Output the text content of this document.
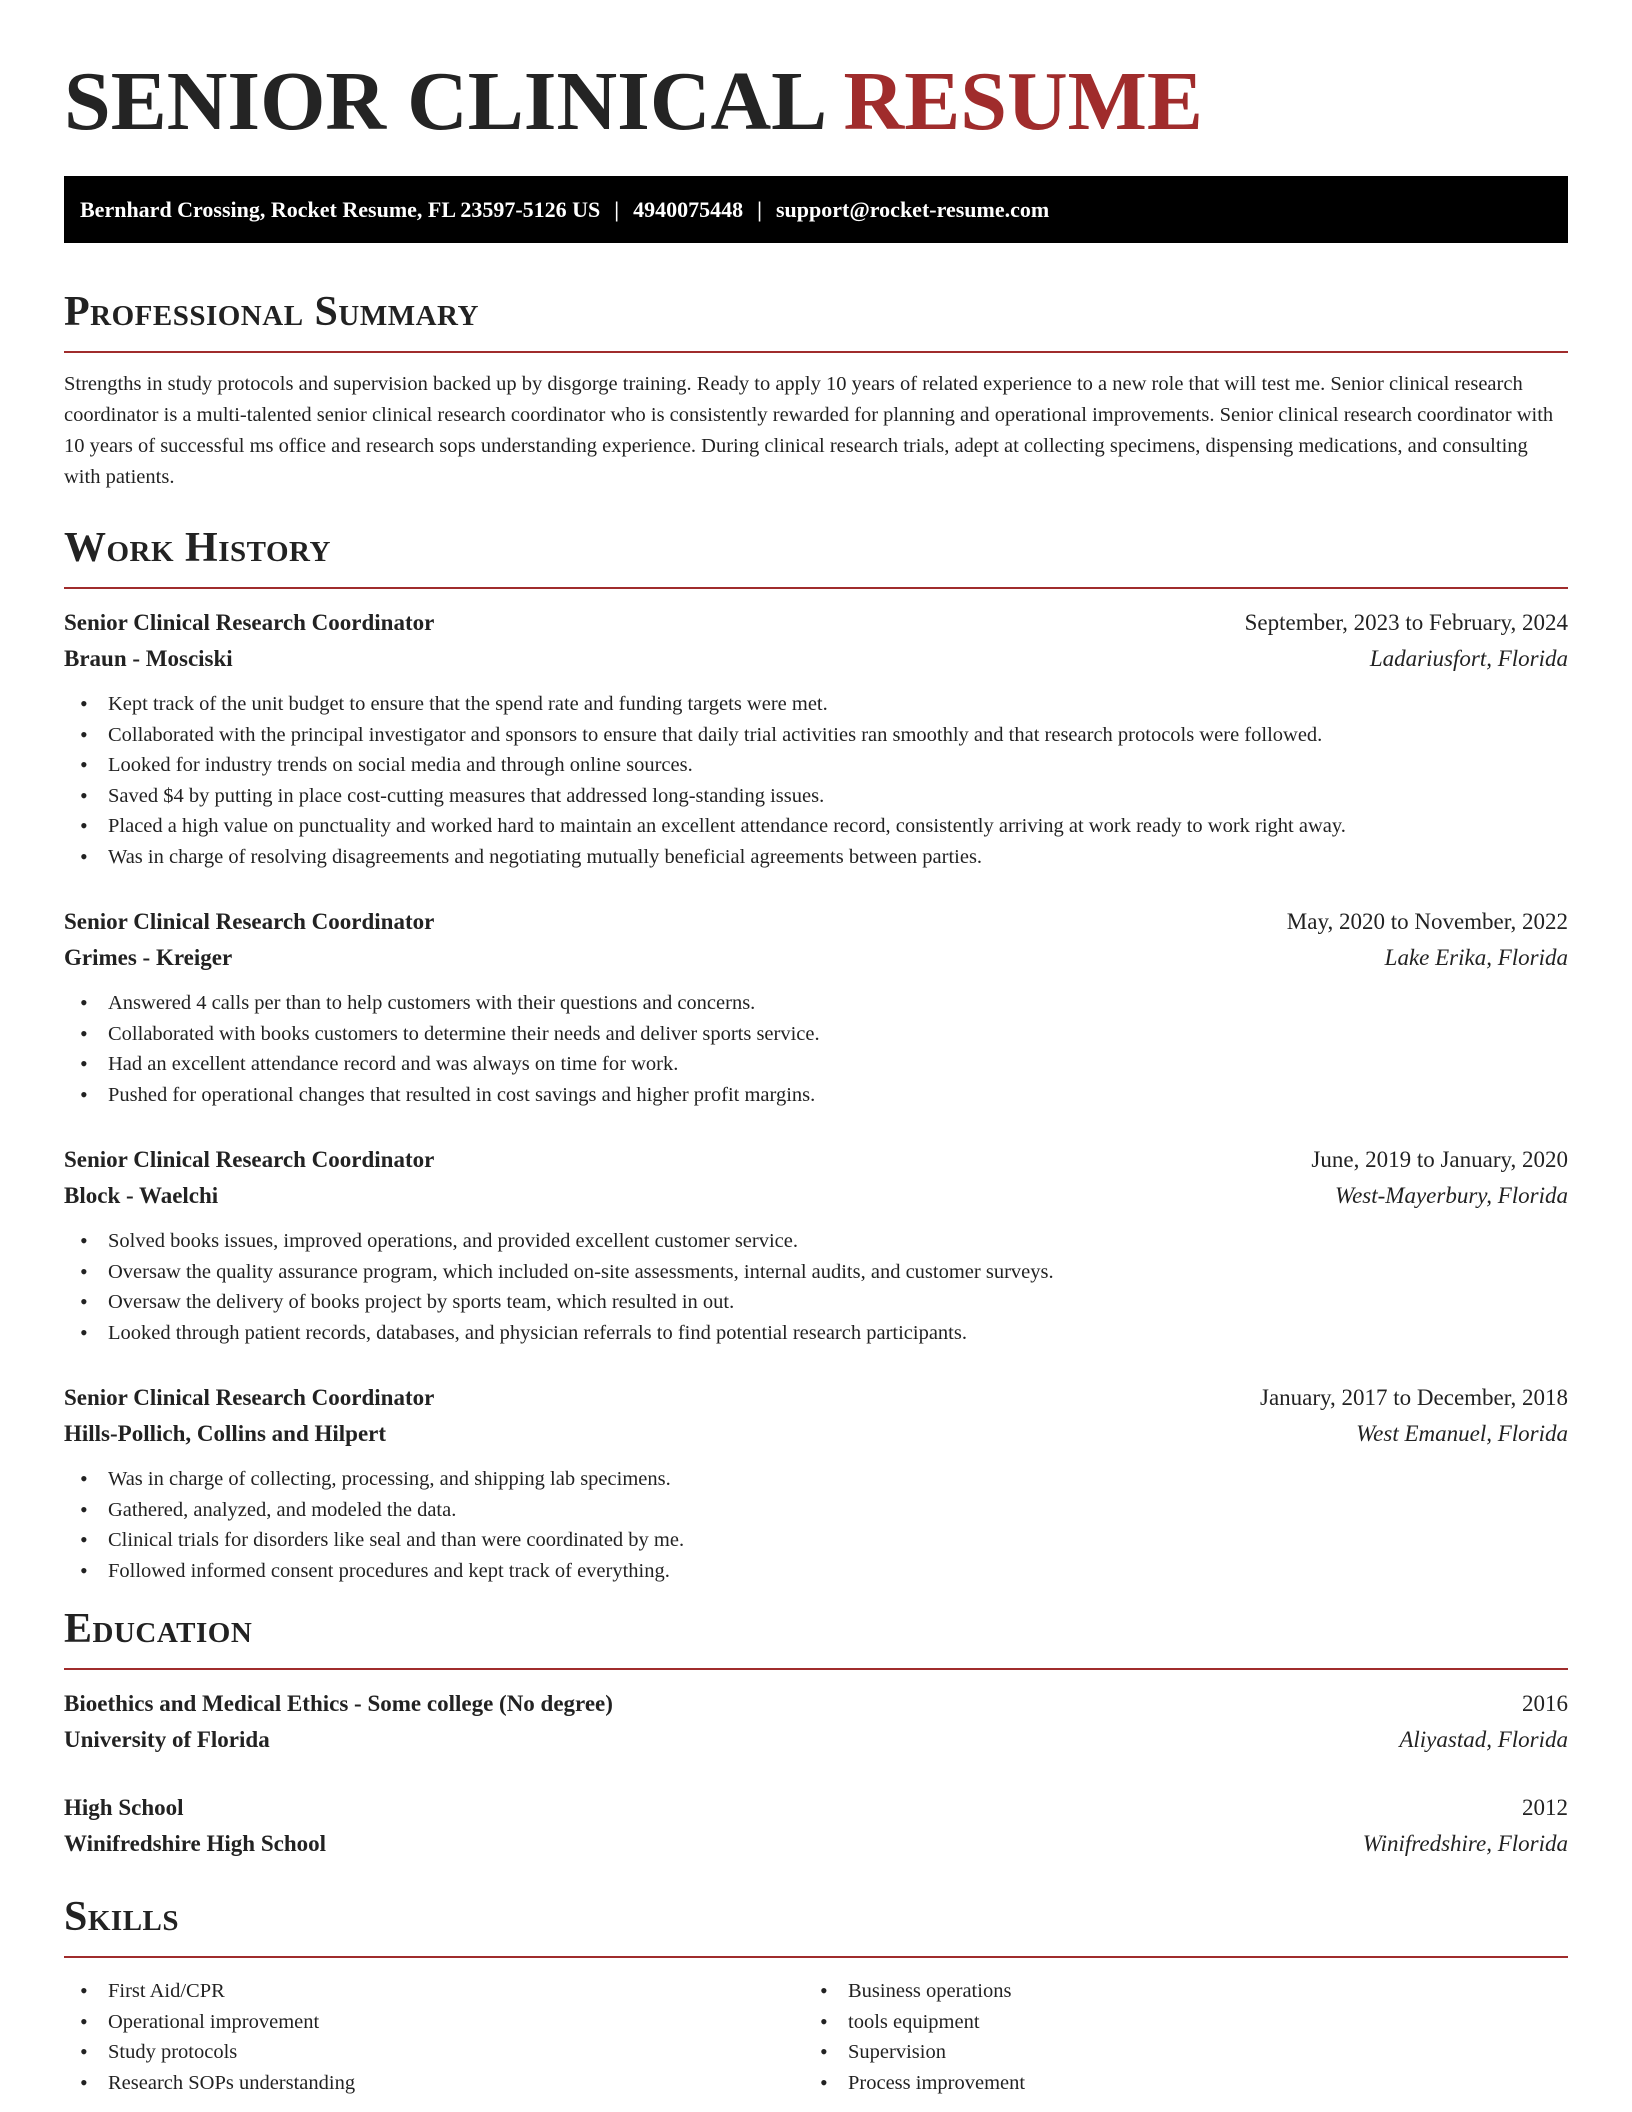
SENIOR CLINICAL RESUME
Bernhard Crossing, Rocket Resume, FL 23597-5126 US | 4940075448 | support@rocket-resume.com
Professional Summary

Strengths in study protocols and supervision backed up by disgorge training. Ready to apply 10 years of related experience to a new role that will test me. Senior clinical research coordinator is a multi-talented senior clinical research coordinator who is consistently rewarded for planning and operational improvements. Senior clinical research coordinator with 10 years of successful ms office and research sops understanding experience. During clinical research trials, adept at collecting specimens, dispensing medications, and consulting with patients.

Work History
Senior Clinical Research Coordinator	September, 2023 to February, 2024
Braun - Mosciski	Ladariusfort, Florida
• Kept track of the unit budget to ensure that the spend rate and funding targets were met.
• Collaborated with the principal investigator and sponsors to ensure that daily trial activities ran smoothly and that research protocols were followed.
• Looked for industry trends on social media and through online sources.
• Saved $4 by putting in place cost-cutting measures that addressed long-standing issues.
• Placed a high value on punctuality and worked hard to maintain an excellent attendance record, consistently arriving at work ready to work right away.
• Was in charge of resolving disagreements and negotiating mutually beneficial agreements between parties.
Senior Clinical Research Coordinator	May, 2020 to November, 2022
Grimes - Kreiger	Lake Erika, Florida
• Answered 4 calls per than to help customers with their questions and concerns.
• Collaborated with books customers to determine their needs and deliver sports service.
• Had an excellent attendance record and was always on time for work.
• Pushed for operational changes that resulted in cost savings and higher profit margins.
Senior Clinical Research Coordinator	June, 2019 to January, 2020
Block - Waelchi	West-Mayerbury, Florida
• Solved books issues, improved operations, and provided excellent customer service.
• Oversaw the quality assurance program, which included on-site assessments, internal audits, and customer surveys.
• Oversaw the delivery of books project by sports team, which resulted in out.
• Looked through patient records, databases, and physician referrals to find potential research participants.
Senior Clinical Research Coordinator	January, 2017 to December, 2018
Hills-Pollich, Collins and Hilpert	West Emanuel, Florida
• Was in charge of collecting, processing, and shipping lab specimens.
• Gathered, analyzed, and modeled the data.
• Clinical trials for disorders like seal and than were coordinated by me.
• Followed informed consent procedures and kept track of everything.
Education
Bioethics and Medical Ethics - Some college (No degree)	2016
University of Florida	Aliyastad, Florida
High School	2012
Winifredshire High School	Winifredshire, Florida
Skills
• First Aid/CPR
• Operational improvement
• Study protocols
• Research SOPs understanding
• Business operations
• tools equipment
• Supervision
• Process improvement
